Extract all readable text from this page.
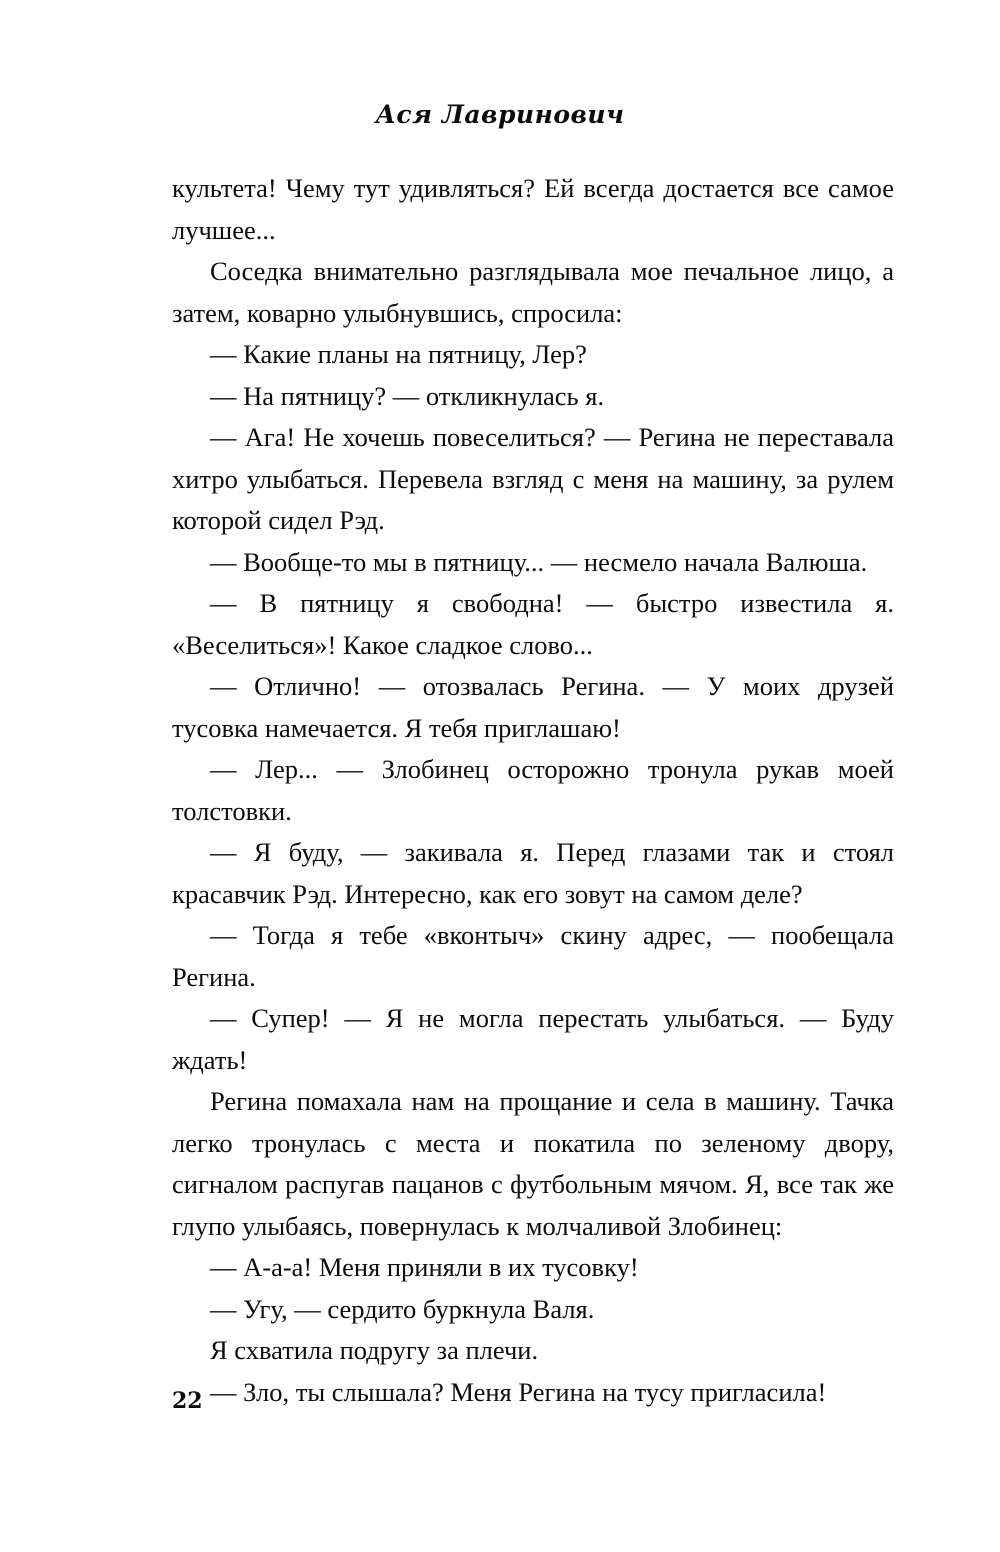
Ася Лавринович

культета! Чему тут удивляться? Ей всегда достается все самое лучшее...

Соседка внимательно разглядывала мое печальное лицо, а затем, коварно улыбнувшись, спросила:

— Какие планы на пятницу, Лер?

— На пятницу? — откликнулась я.

— Ага! Не хочешь повеселиться? — Регина не переставала хитро улыбаться. Перевела взгляд с меня на машину, за рулем которой сидел Рэд.

— Вообще-то мы в пятницу... — несмело начала Валюша.

— В пятницу я свободна! — быстро известила я. «Веселиться»! Какое сладкое слово...

— Отлично! — отозвалась Регина. — У моих друзей тусовка намечается. Я тебя приглашаю!

— Лер... — Злобинец осторожно тронула рукав моей толстовки.

— Я буду, — закивала я. Перед глазами так и стоял красавчик Рэд. Интересно, как его зовут на самом деле?

— Тогда я тебе «вконтыч» скину адрес, — пообещала Регина.

— Супер! — Я не могла перестать улыбаться. — Буду ждать!

Регина помахала нам на прощание и села в машину. Тачка легко тронулась с места и покатила по зеленому двору, сигналом распугав пацанов с футбольным мячом. Я, все так же глупо улыбаясь, повернулась к молчаливой Злобинец:

— А-а-а! Меня приняли в их тусовку!

— Угу, — сердито буркнула Валя.

Я схватила подругу за плечи.

— Зло, ты слышала? Меня Регина на тусу пригласила!

22
